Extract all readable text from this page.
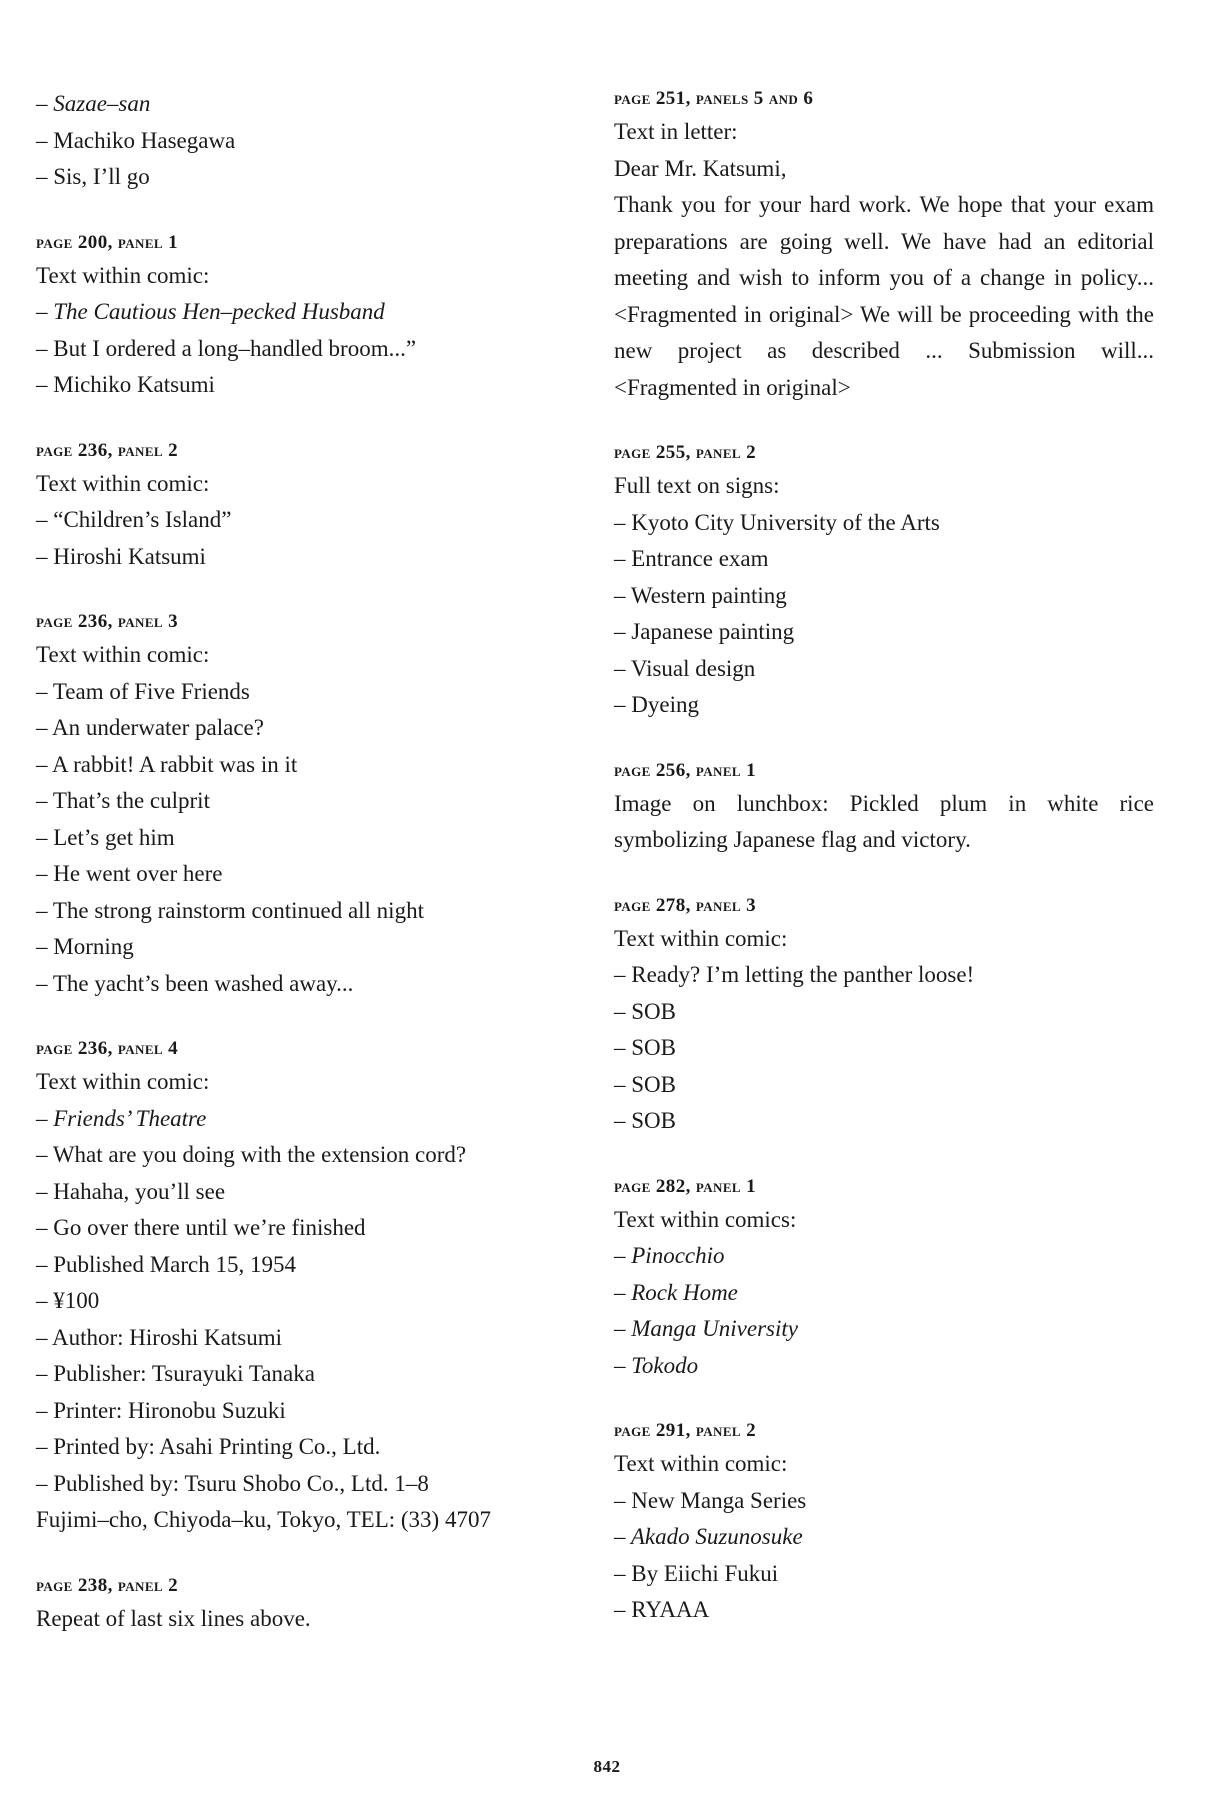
– Sazae–san
– Machiko Hasegawa
– Sis, I’ll go
page 200, panel 1
Text within comic:
– The Cautious Hen–pecked Husband
– But I ordered a long–handled broom...”
– Michiko Katsumi
page 236, panel 2
Text within comic:
– “Children’s Island”
– Hiroshi Katsumi
page 236, panel 3
Text within comic:
– Team of Five Friends
– An underwater palace?
– A rabbit! A rabbit was in it
– That’s the culprit
– Let’s get him
– He went over here
– The strong rainstorm continued all night
– Morning
– The yacht’s been washed away...
page 236, panel 4
Text within comic:
– Friends’ Theatre
– What are you doing with the extension cord?
– Hahaha, you’ll see
– Go over there until we’re finished
– Published March 15, 1954
– ¥100
– Author: Hiroshi Katsumi
– Publisher: Tsurayuki Tanaka
– Printer: Hironobu Suzuki
– Printed by: Asahi Printing Co., Ltd.
– Published by: Tsuru Shobo Co., Ltd. 1–8
Fujimi–cho, Chiyoda–ku, Tokyo, TEL: (33) 4707
page 238, panel 2
Repeat of last six lines above.
page 251, panels 5 and 6
Text in letter:
Dear Mr. Katsumi,
Thank you for your hard work. We hope that your exam preparations are going well. We have had an editorial meeting and wish to inform you of a change in policy...<Fragmented in original> We will be proceeding with the new project as described ... Submission will... <Fragmented in original>
page 255, panel 2
Full text on signs:
– Kyoto City University of the Arts
– Entrance exam
– Western painting
– Japanese painting
– Visual design
– Dyeing
page 256, panel 1
Image on lunchbox: Pickled plum in white rice symbolizing Japanese flag and victory.
page 278, panel 3
Text within comic:
– Ready? I’m letting the panther loose!
– SOB
– SOB
– SOB
– SOB
page 282, panel 1
Text within comics:
– Pinocchio
– Rock Home
– Manga University
– Tokodo
page 291, panel 2
Text within comic:
– New Manga Series
– Akado Suzunosuke
– By Eiichi Fukui
– RYAAA
842
